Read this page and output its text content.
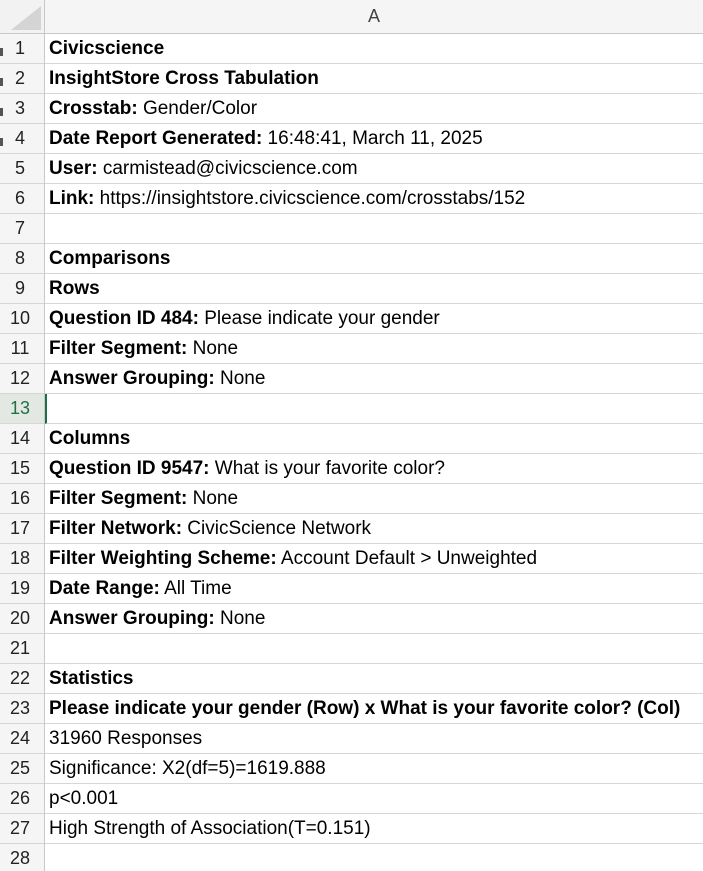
A
1	Civicscience
2	InsightStore Cross Tabulation
3	Crosstab: Gender/Color
4	Date Report Generated: 16:48:41, March 11, 2025
5	User: carmistead@civicscience.com
6	Link: https://insightstore.civicscience.com/crosstabs/152
7
8	Comparisons
9	Rows
10 Question ID 484: Please indicate your gender
11	Filter Segment: None
12 Answer Grouping: None
13
14 Columns
15 Question ID 9547: What is your favorite color?
16 Filter Segment: None
17 Filter Network: CivicScience Network
18 Filter Weighting Scheme: Account Default > Unweighted
19 Date Range: All Time
20 Answer Grouping: None
21
22 Statistics
23 Please indicate your gender (Row) x What is your favorite color? (Col)
24 31960 Responses
25 Significance: X2(df=5)=1619.888
26 p<0.001
27 High Strength of Association(T=0.151)
28
